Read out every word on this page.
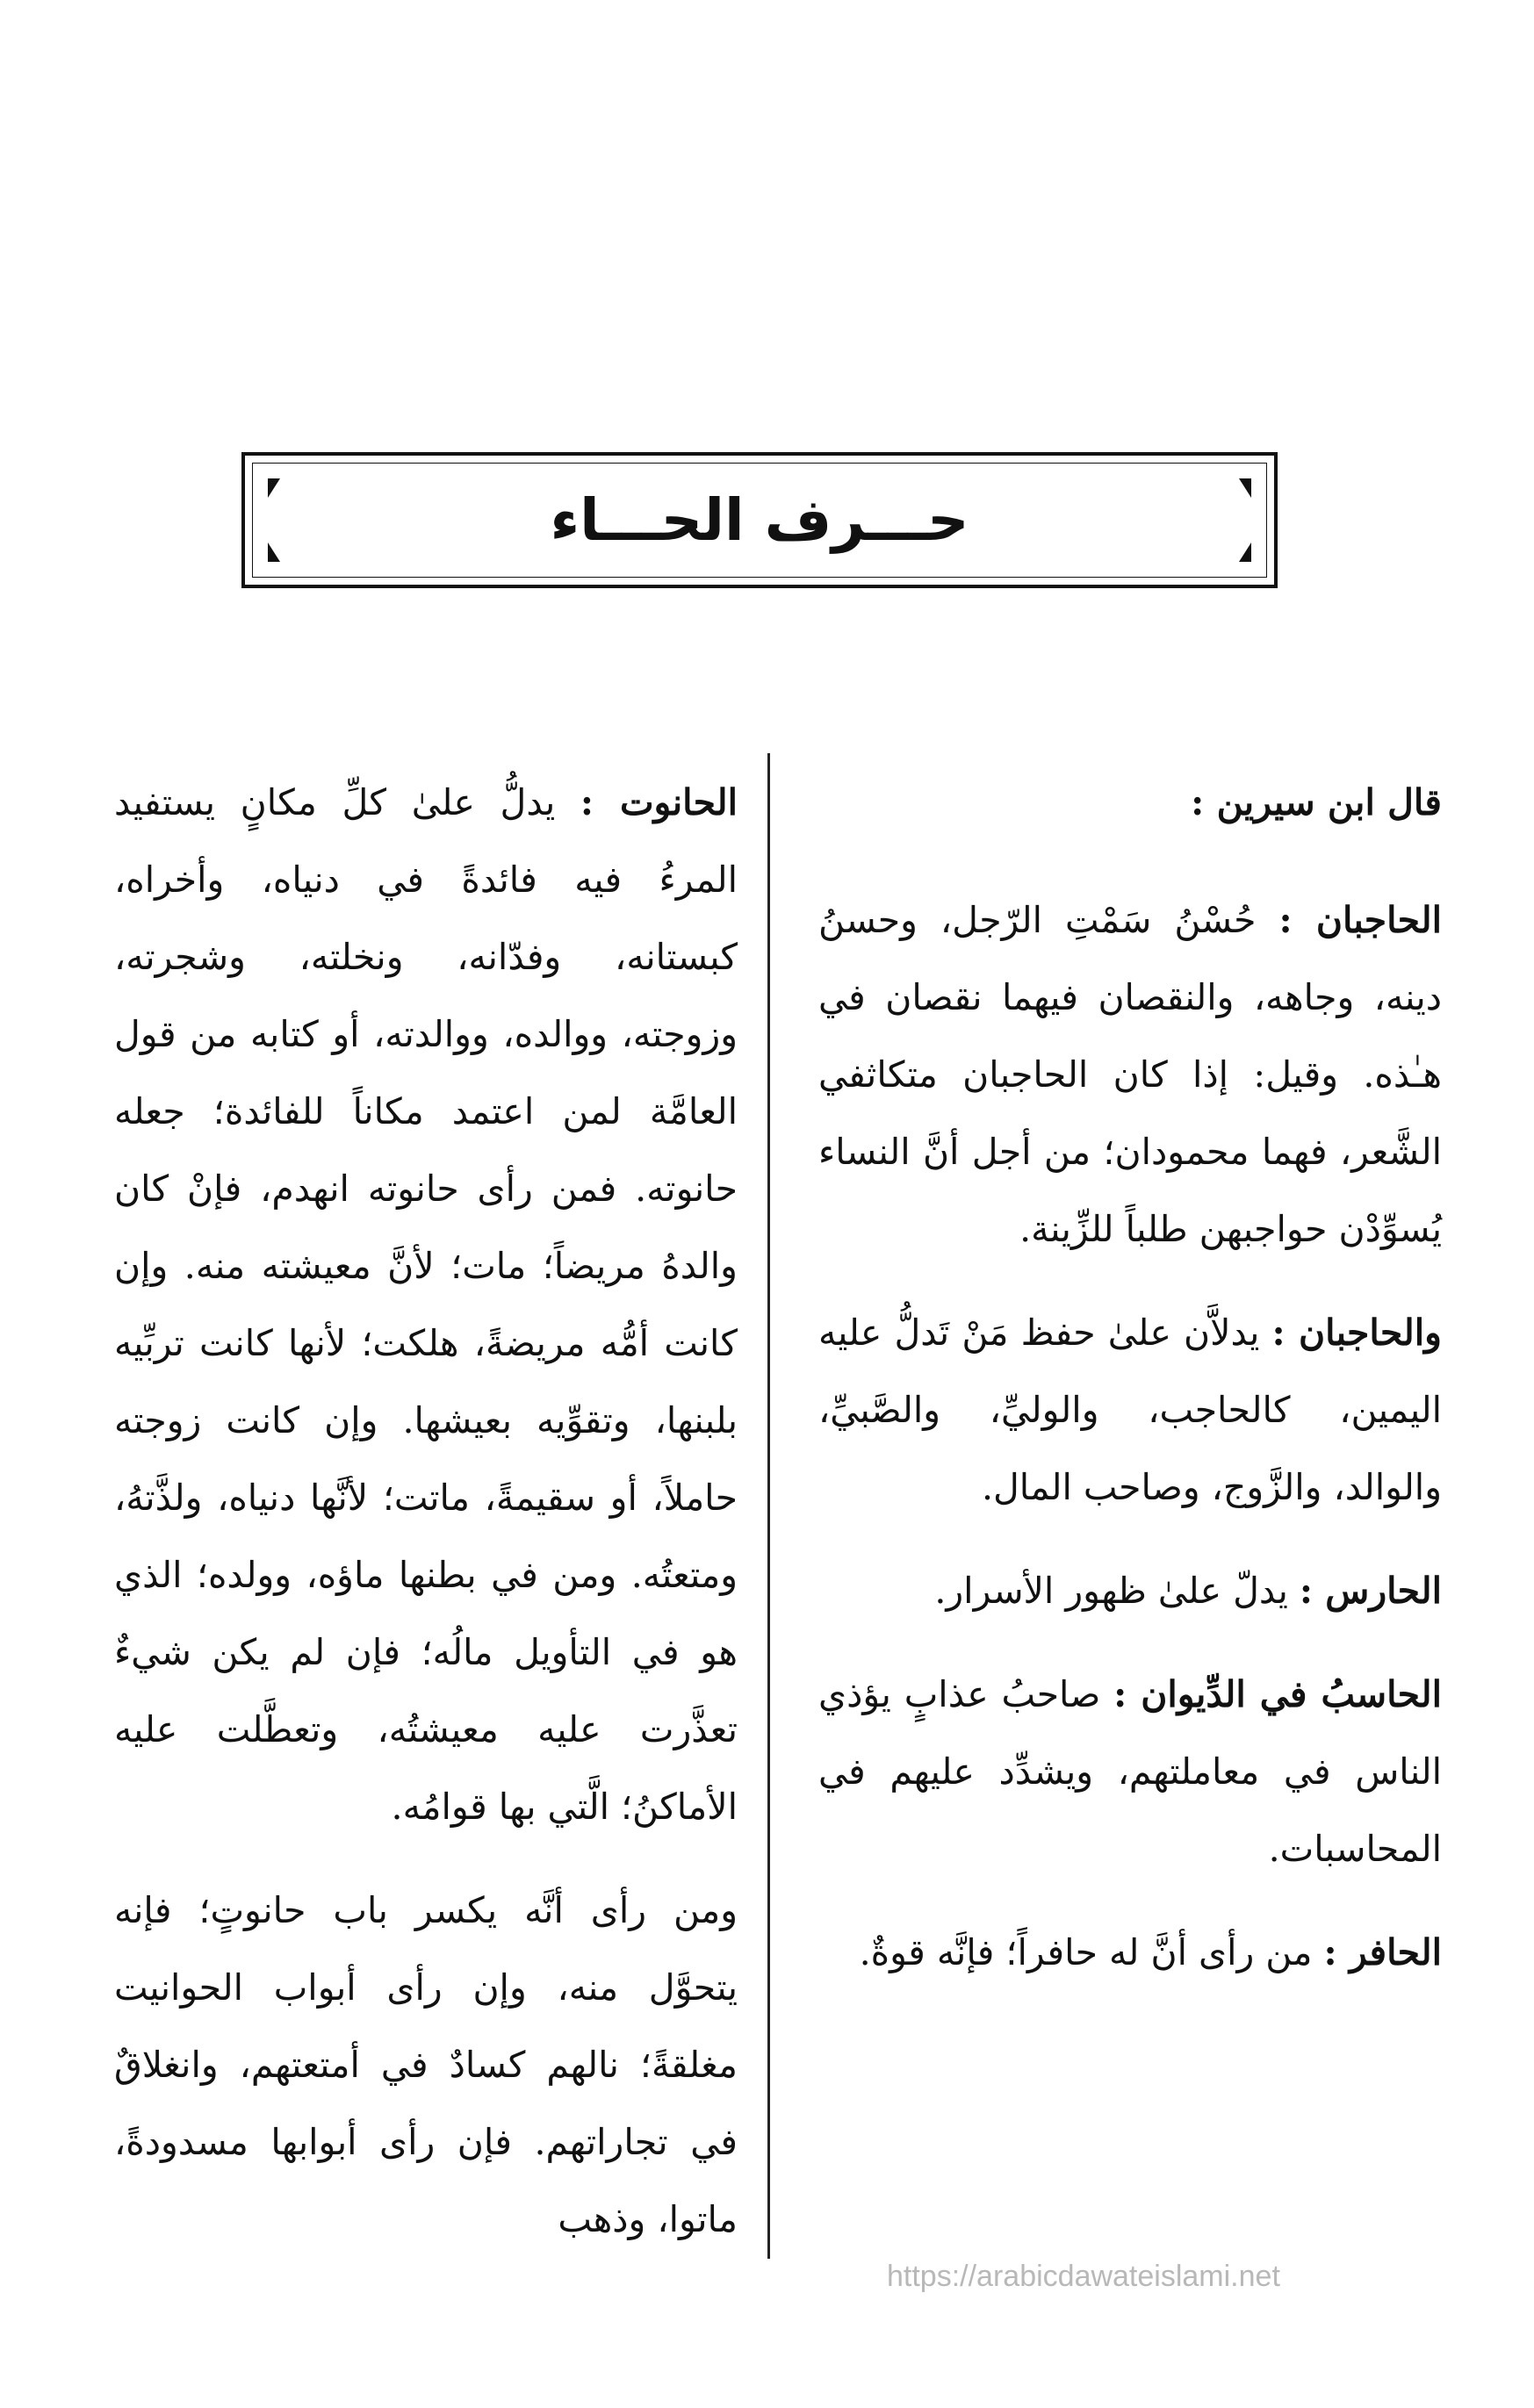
حـــرف الحـــاء

قال ابن سيرين :

الحاجبان : حُسْنُ سَمْتِ الرّجل، وحسنُ دينه، وجاهه، والنقصان فيهما نقصان في هـٰذه. وقيل: إذا كان الحاجبان متكاثفي الشَّعر، فهما محمودان؛ من أجل أنَّ النساء يُسوِّدْن حواجبهن طلباً للزِّينة.

والحاجبان : يدلاَّن علىٰ حفظ مَنْ تَدلُّ عليه اليمين، كالحاجب، والوليِّ، والصَّبيِّ، والوالد، والزَّوج، وصاحب المال.

الحارس : يدلّ علىٰ ظهور الأسرار.

الحاسبُ في الدِّيوان : صاحبُ عذابٍ يؤذي الناس في معاملتهم، ويشدِّد عليهم في المحاسبات.

الحافر : من رأى أنَّ له حافراً؛ فإنَّه قوةٌ.

الحانوت : يدلُّ علىٰ كلِّ مكانٍ يستفيد المرءُ فيه فائدةً في دنياه، وأخراه، كبستانه، وفدّانه، ونخلته، وشجرته، وزوجته، ووالده، ووالدته، أو كتابه من قول العامَّة لمن اعتمد مكاناً للفائدة؛ جعله حانوته. فمن رأى حانوته انهدم، فإنْ كان والدهُ مريضاً؛ مات؛ لأنَّ معيشته منه. وإن كانت أمُّه مريضةً، هلكت؛ لأنها كانت تربِّيه بلبنها، وتقوِّيه بعيشها. وإن كانت زوجته حاملاً، أو سقيمةً، ماتت؛ لأنَّها دنياه، ولذَّتهُ، ومتعتُه. ومن في بطنها ماؤه، وولده؛ الذي هو في التأويل مالُه؛ فإن لم يكن شيءٌ تعذَّرت عليه معيشتُه، وتعطَّلت عليه الأماكنُ؛ الَّتي بها قوامُه.

ومن رأى أنَّه يكسر باب حانوتٍ؛ فإنه يتحوَّل منه، وإن رأى أبواب الحوانيت مغلقةً؛ نالهم كسادٌ في أمتعتهم، وانغلاقٌ في تجاراتهم. فإن رأى أبوابها مسدودةً، ماتوا، وذهب

https://arabicdawateislami.net
